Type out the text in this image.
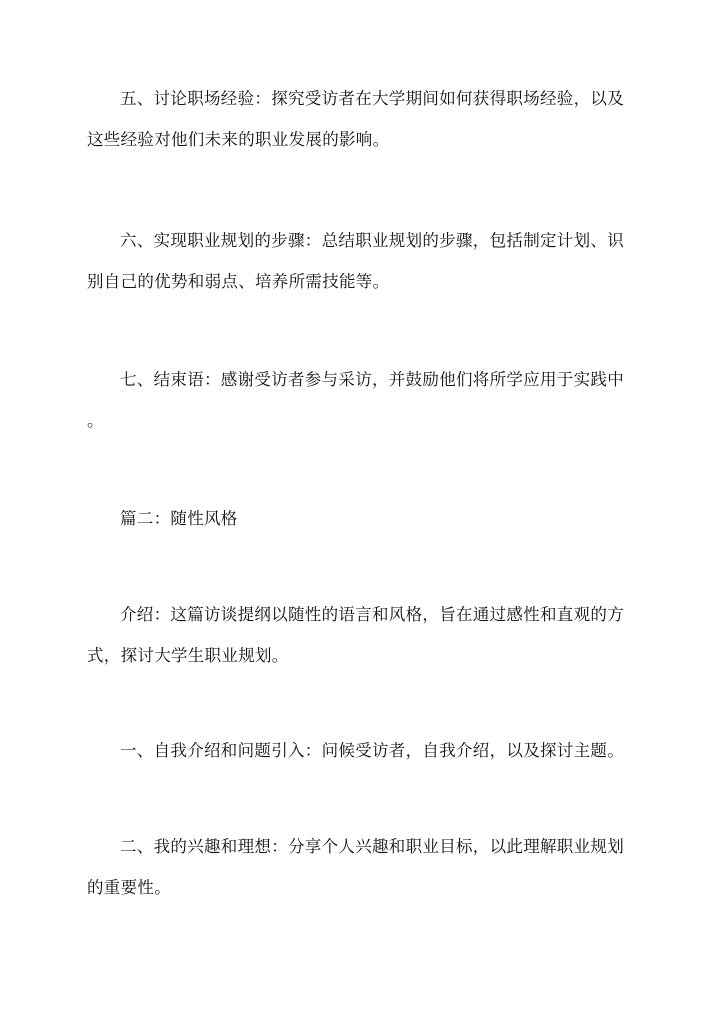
五、讨论职场经验：探究受访者在大学期间如何获得职场经验，以及
这些经验对他们未来的职业发展的影响。

六、实现职业规划的步骤：总结职业规划的步骤，包括制定计划、识
别自己的优势和弱点、培养所需技能等。

七、结束语：感谢受访者参与采访，并鼓励他们将所学应用于实践中
。

篇二：随性风格

介绍：这篇访谈提纲以随性的语言和风格，旨在通过感性和直观的方
式，探讨大学生职业规划。

一、自我介绍和问题引入：问候受访者，自我介绍，以及探讨主题。

二、我的兴趣和理想：分享个人兴趣和职业目标，以此理解职业规划
的重要性。
